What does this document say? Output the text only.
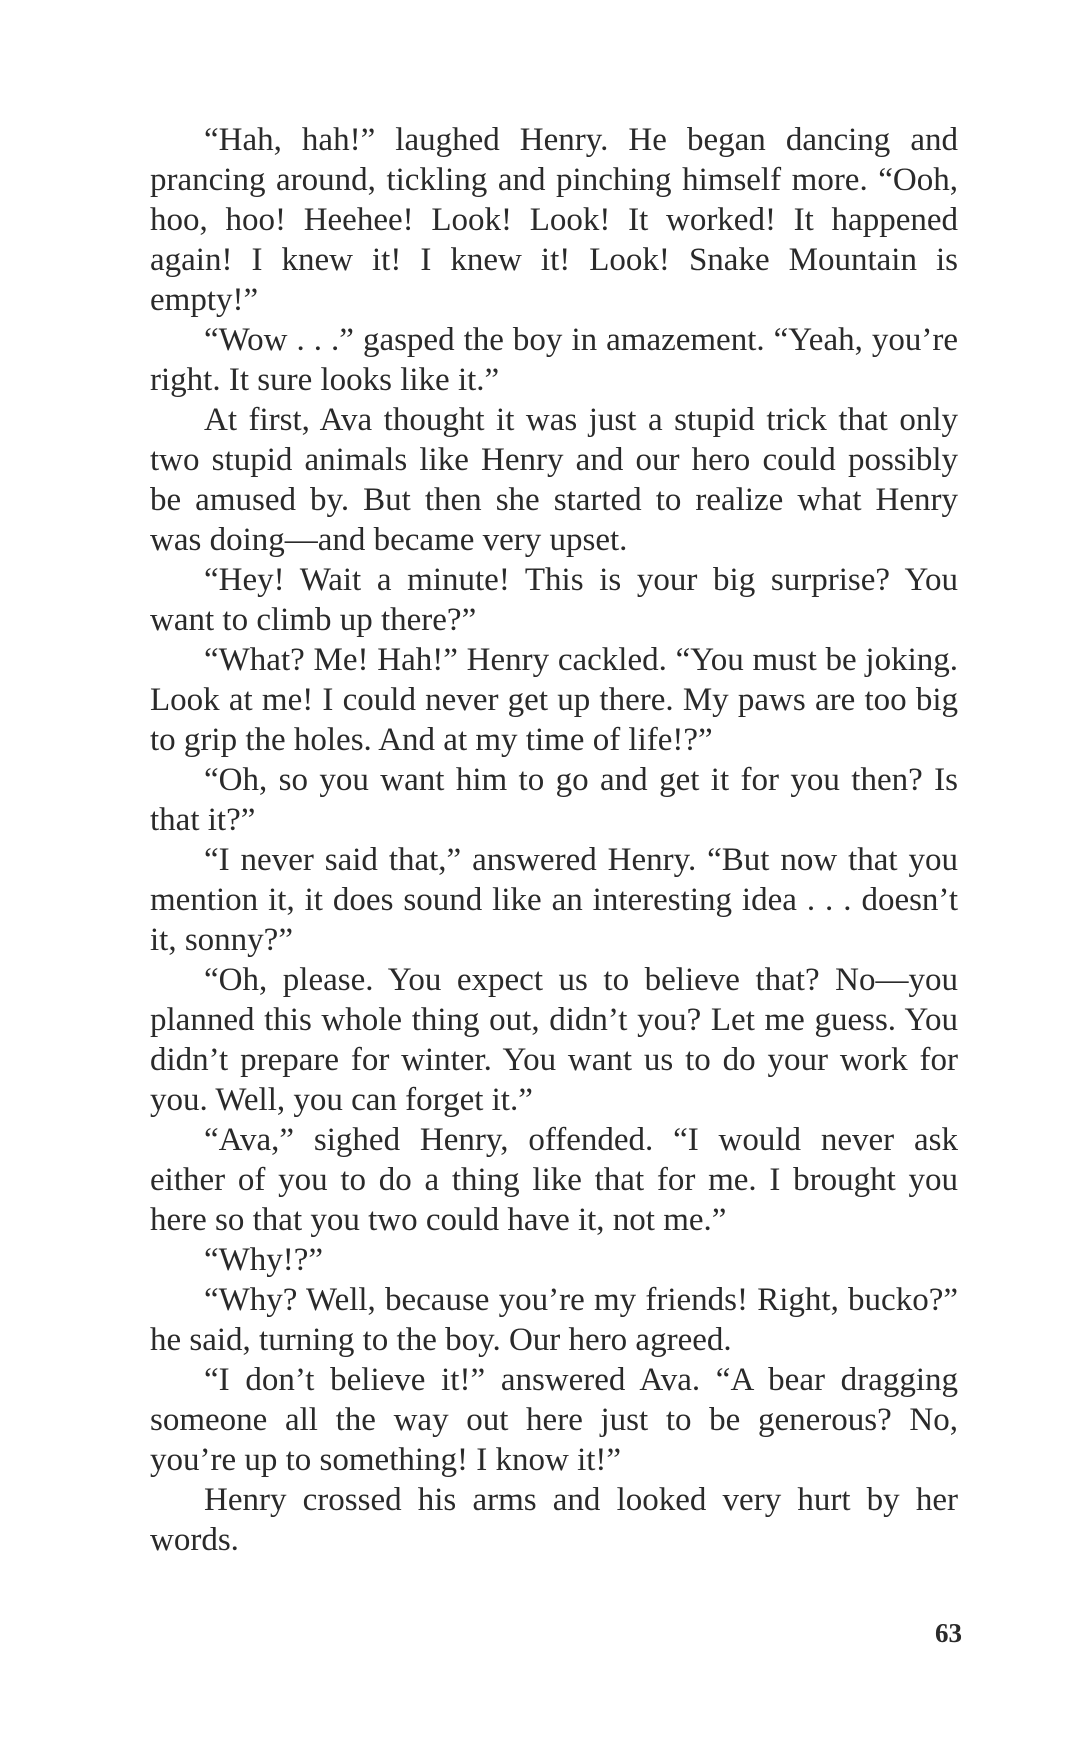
“Hah, hah!” laughed Henry. He began dancing and prancing around, tickling and pinching himself more. “Ooh, hoo, hoo! Heehee! Look! Look! It worked! It happened again! I knew it! I knew it! Look! Snake Mountain is empty!”

“Wow . . .” gasped the boy in amazement. “Yeah, you’re right. It sure looks like it.”

At first, Ava thought it was just a stupid trick that only two stupid animals like Henry and our hero could possibly be amused by. But then she started to realize what Henry was doing—and became very upset.

“Hey! Wait a minute! This is your big surprise? You want to climb up there?”

“What? Me! Hah!” Henry cackled. “You must be joking. Look at me! I could never get up there. My paws are too big to grip the holes. And at my time of life!?”

“Oh, so you want him to go and get it for you then? Is that it?”

“I never said that,” answered Henry. “But now that you mention it, it does sound like an interesting idea . . . doesn’t it, sonny?”

“Oh, please. You expect us to believe that? No—you planned this whole thing out, didn’t you? Let me guess. You didn’t prepare for winter. You want us to do your work for you. Well, you can forget it.”

“Ava,” sighed Henry, offended. “I would never ask either of you to do a thing like that for me. I brought you here so that you two could have it, not me.”

“Why!?”

“Why? Well, because you’re my friends! Right, bucko?” he said, turning to the boy. Our hero agreed.

“I don’t believe it!” answered Ava. “A bear dragging someone all the way out here just to be generous? No, you’re up to something! I know it!”

Henry crossed his arms and looked very hurt by her words.

63
